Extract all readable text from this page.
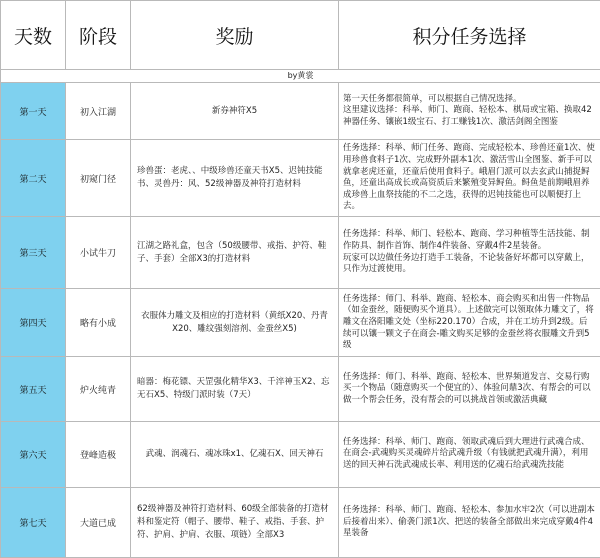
天数	阶段	奖励	积分任务选择
by黄裳			
第一天	初入江湖	新券神符X5	第一天任务都很简单，可以根据自己情况选择。
这里建议选择：科举、师门、跑商、轻松本、棋局或宝箱、换取42神器任务、镶嵌1级宝石、打工赚钱1次、激活剑阁全图鉴
第二天	初窥门径	珍兽蛋：老虎、、中级珍兽还童天书X5、迟钝技能书、灵兽丹：风、52级神器及神符打造材料	任务选择：科举、师门任务、跑商、完成轻松本、珍兽还童1次、使用珍兽食料子1次、完成野外副本1次、激活雪山全图鉴、新手可以就拿老虎还童，还童后使用食料子。峨眉门派可以去玄武山捕捉鲟鱼，还童出高成长或高资质后来繁殖变异鲟鱼。鲟鱼是前期峨眉养成珍兽上血祭技能的不二之选，获得的迟钝技能也可以顺便打上去。
第三天	小试牛刀	江湖之路礼盒，包含（50级腰带、戒指、护符、鞋子、手套）全部X3的打造材料	任务选择：科举、师门、轻松本、跑商、学习种植等生活技能、制作防具、制作首饰、制作4件装备、穿戴4件2星装备。
玩家可以边做任务边打造手工装备，不论装备好坏都可以穿戴上，只作为过渡使用。
第四天	略有小成	衣服体力雕文及相应的打造材料（黄纸X20、丹青X20、雕纹强刻溶剂、金蚕丝X5)	任务选择：师门、科举、跑商、轻松本、商会购买和出售一件物品（如金蚕丝，随便购买个道具）。上述做完可以领取体力雕文了，将雕文在洛阳雕文处（坐标220.170）合成，并在工坊升到2级。后续可以镶一颗文子在商会-雕文购买足够的金蚕丝将衣服雕文升到5级
第五天	炉火纯青	暗器：梅花镖、天罡强化精华X3、千淬神玉X2、忘无石X5、特级门派时装（7天）	任务选择：师门、科举、跑商、轻松本、世界频道发言、交易行购买一个物品（随意购买一个便宜的）、体验问鼎3次、有帮会的可以做一个帮会任务，没有帮会的可以挑战首领或激活典藏
第六天	登峰造极	武魂、润魂石、魂冰珠x1、亿魂石X、回天神石	任务选择：科举、师门、跑商、领取武魂后到大理进行武魂合成、在商会-武魂购买灵魂碎片给武魂升级（有钱就把武魂升满），利用送的回天神石洗武魂成长率、利用送的亿魂石给武魂洗技能
第七天	大道已成	62级神器及神符打造材料、60级全部装备的打造材料和鉴定符（帽子、腰带、鞋子、戒指、手套、护符、护肩、护肩、衣服、项链）全部X3	任务选择：科举、师门、跑商、轻松本、参加水牢2次（可以进副本后接着出来）、偷袭门派1次、把送的装备全部做出来完成穿戴4件4星装备
